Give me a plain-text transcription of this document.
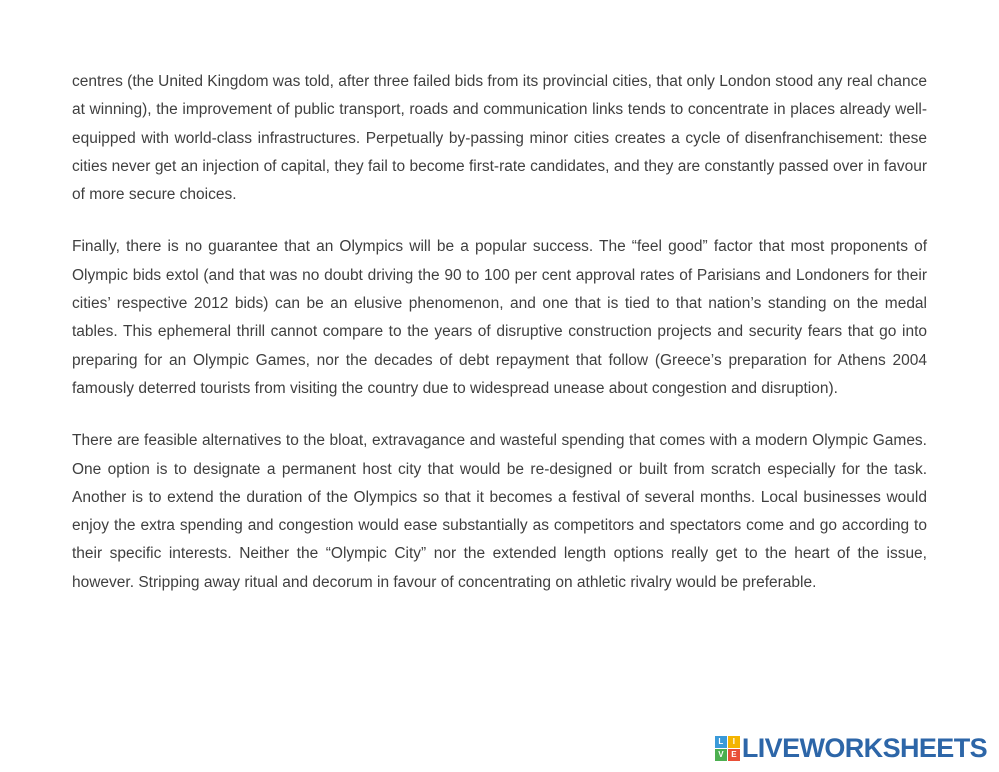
centres (the United Kingdom was told, after three failed bids from its provincial cities, that only London stood any real chance at winning), the improvement of public transport, roads and communication links tends to concentrate in places already well-equipped with world-class infrastructures. Perpetually by-passing minor cities creates a cycle of disenfranchisement: these cities never get an injection of capital, they fail to become first-rate candidates, and they are constantly passed over in favour of more secure choices.

Finally, there is no guarantee that an Olympics will be a popular success. The “feel good” factor that most proponents of Olympic bids extol (and that was no doubt driving the 90 to 100 per cent approval rates of Parisians and Londoners for their cities’ respective 2012 bids) can be an elusive phenomenon, and one that is tied to that nation’s standing on the medal tables. This ephemeral thrill cannot compare to the years of disruptive construction projects and security fears that go into preparing for an Olympic Games, nor the decades of debt repayment that follow (Greece’s preparation for Athens 2004 famously deterred tourists from visiting the country due to widespread unease about congestion and disruption).

There are feasible alternatives to the bloat, extravagance and wasteful spending that comes with a modern Olympic Games. One option is to designate a permanent host city that would be re-designed or built from scratch especially for the task. Another is to extend the duration of the Olympics so that it becomes a festival of several months. Local businesses would enjoy the extra spending and congestion would ease substantially as competitors and spectators come and go according to their specific interests. Neither the “Olympic City” nor the extended length options really get to the heart of the issue, however. Stripping away ritual and decorum in favour of concentrating on athletic rivalry would be preferable.

L	I
V E LIVEWORKSHEETS
